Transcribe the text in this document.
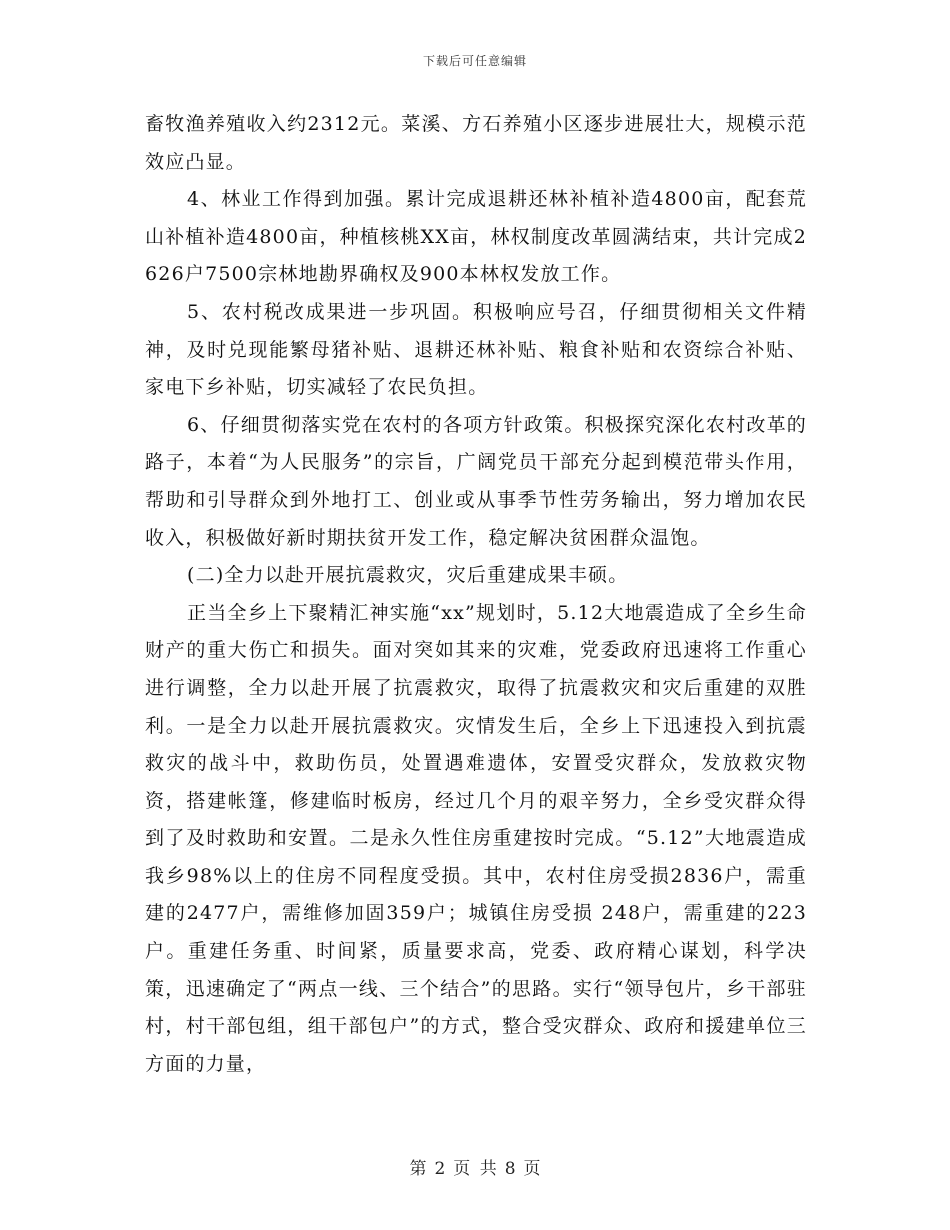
下载后可任意编辑

畜牧渔养殖收入约2312元。菜溪、方石养殖小区逐步进展壮大，规模示范效应凸显。

4、林业工作得到加强。累计完成退耕还林补植补造4800亩，配套荒山补植补造4800亩，种植核桃XX亩，林权制度改革圆满结束，共计完成2626户7500宗林地勘界确权及900本林权发放工作。

5、农村税改成果进一步巩固。积极响应号召，仔细贯彻相关文件精神，及时兑现能繁母猪补贴、退耕还林补贴、粮食补贴和农资综合补贴、家电下乡补贴，切实减轻了农民负担。

6、仔细贯彻落实党在农村的各项方针政策。积极探究深化农村改革的路子，本着“为人民服务”的宗旨，广阔党员干部充分起到模范带头作用，帮助和引导群众到外地打工、创业或从事季节性劳务输出，努力增加农民收入，积极做好新时期扶贫开发工作，稳定解决贫困群众温饱。

(二)全力以赴开展抗震救灾，灾后重建成果丰硕。

正当全乡上下聚精汇神实施“xx”规划时，5.12大地震造成了全乡生命财产的重大伤亡和损失。面对突如其来的灾难，党委政府迅速将工作重心进行调整，全力以赴开展了抗震救灾，取得了抗震救灾和灾后重建的双胜利。一是全力以赴开展抗震救灾。灾情发生后，全乡上下迅速投入到抗震救灾的战斗中，救助伤员，处置遇难遗体，安置受灾群众，发放救灾物资，搭建帐篷，修建临时板房，经过几个月的艰辛努力，全乡受灾群众得到了及时救助和安置。二是永久性住房重建按时完成。“5.12”大地震造成我乡98%以上的住房不同程度受损。其中，农村住房受损2836户，需重建的2477户，需维修加固359户；城镇住房受损 248户，需重建的223户。重建任务重、时间紧，质量要求高，党委、政府精心谋划，科学决策，迅速确定了“两点一线、三个结合”的思路。实行“领导包片，乡干部驻村，村干部包组，组干部包户”的方式，整合受灾群众、政府和援建单位三方面的力量，

第 2 页 共 8 页
